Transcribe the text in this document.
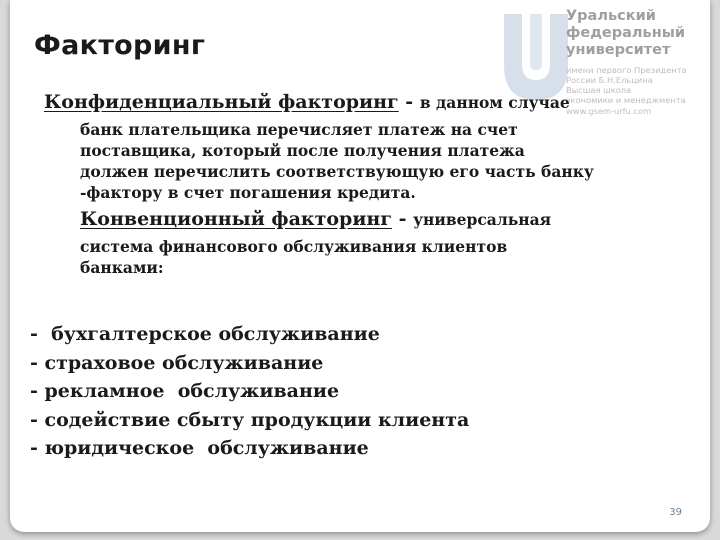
Уральский
федеральный
университет
имени первого Президента
России Б.Н.Ельцина
Высшая школа
экономики и менеджмента
www.gsem-urfu.com
Факторинг
Конфиденциальный факторинг - в данном случае
банк плательщика перечисляет платеж на счет
поставщика, который после получения платежа
должен перечислить соответствующую его часть банку
-фактору в счет погашения кредита.
Конвенционный факторинг - универсальная
система финансового обслуживания клиентов
банками:
-  бухгалтерское обслуживание
- страховое обслуживание
- рекламное  обслуживание
- содействие сбыту продукции клиента
- юридическое  обслуживание
39
